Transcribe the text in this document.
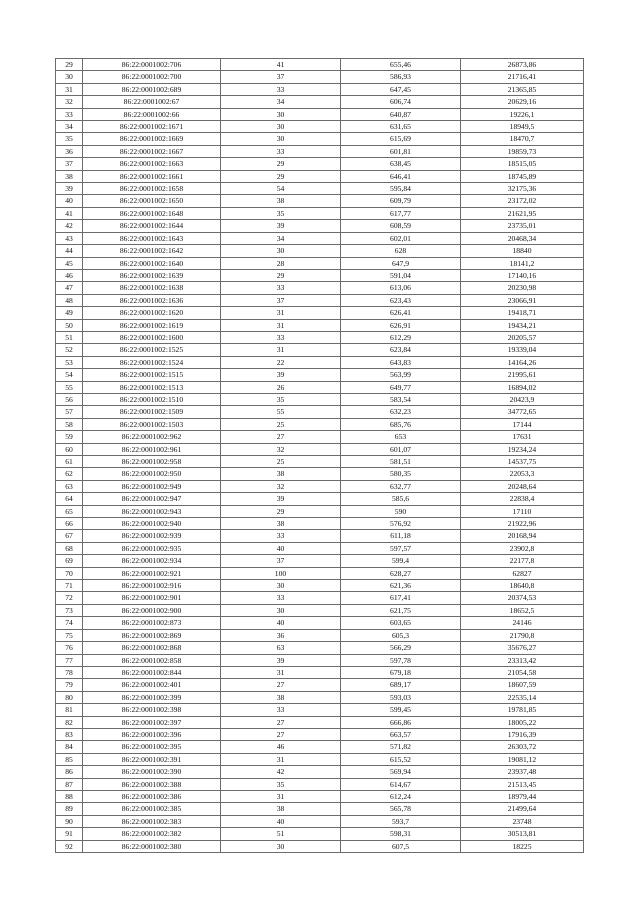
29	86:22:0001002:706	41	655,46	26873,86
30	86:22:0001002:700	37	586,93	21716,41
31	86:22:0001002:689	33	647,45	21365,85
32	86:22:0001002:67	34	606,74	20629,16
33	86:22:0001002:66	30	640,87	19226,1
34	86:22:0001002:1671	30	631,65	18949,5
35	86:22:0001002:1669	30	615,69	18470,7
36	86:22:0001002:1667	33	601,81	19859,73
37	86:22:0001002:1663	29	638,45	18515,05
38	86:22:0001002:1661	29	646,41	18745,89
39	86:22:0001002:1658	54	595,84	32175,36
40	86:22:0001002:1650	38	609,79	23172,02
41	86:22:0001002:1648	35	617,77	21621,95
42	86:22:0001002:1644	39	608,59	23735,01
43	86:22:0001002:1643	34	602,01	20468,34
44	86:22:0001002:1642	30	628	18840
45	86:22:0001002:1640	28	647,9	18141,2
46	86:22:0001002:1639	29	591,04	17140,16
47	86:22:0001002:1638	33	613,06	20230,98
48	86:22:0001002:1636	37	623,43	23066,91
49	86:22:0001002:1620	31	626,41	19418,71
50	86:22:0001002:1619	31	626,91	19434,21
51	86:22:0001002:1600	33	612,29	20205,57
52	86:22:0001002:1525	31	623,84	19339,04
53	86:22:0001002:1524	22	643,83	14164,26
54	86:22:0001002:1515	39	563,99	21995,61
55	86:22:0001002:1513	26	649,77	16894,02
56	86:22:0001002:1510	35	583,54	20423,9
57	86:22:0001002:1509	55	632,23	34772,65
58	86:22:0001002:1503	25	685,76	17144
59	86:22:0001002:962	27	653	17631
60	86:22:0001002:961	32	601,07	19234,24
61	86:22:0001002:958	25	581,51	14537,75
62	86:22:0001002:950	38	580,35	22053,3
63	86:22:0001002:949	32	632,77	20248,64
64	86:22:0001002:947	39	585,6	22838,4
65	86:22:0001002:943	29	590	17110
66	86:22:0001002:940	38	576,92	21922,96
67	86:22:0001002:939	33	611,18	20168,94
68	86:22:0001002:935	40	597,57	23902,8
69	86:22:0001002:934	37	599,4	22177,8
70	86:22:0001002:921	100	628,27	62827
71	86:22:0001002:916	30	621,36	18640,8
72	86:22:0001002:901	33	617,41	20374,53
73	86:22:0001002:900	30	621,75	18652,5
74	86:22:0001002:873	40	603,65	24146
75	86:22:0001002:869	36	605,3	21790,8
76	86:22:0001002:868	63	566,29	35676,27
77	86:22:0001002:858	39	597,78	23313,42
78	86:22:0001002:844	31	679,18	21054,58
79	86:22:0001002:401	27	689,17	18607,59
80	86:22:0001002:399	38	593,03	22535,14
81	86:22:0001002:398	33	599,45	19781,85
82	86:22:0001002:397	27	666,86	18005,22
83	86:22:0001002:396	27	663,57	17916,39
84	86:22:0001002:395	46	571,82	26303,72
85	86:22:0001002:391	31	615,52	19081,12
86	86:22:0001002:390	42	569,94	23937,48
87	86:22:0001002:388	35	614,67	21513,45
88	86:22:0001002:386	31	612,24	18979,44
89	86:22:0001002:385	38	565,78	21499,64
90	86:22:0001002:383	40	593,7	23748
91	86:22:0001002:382	51	598,31	30513,81
92	86:22:0001002:380	30	607,5	18225
